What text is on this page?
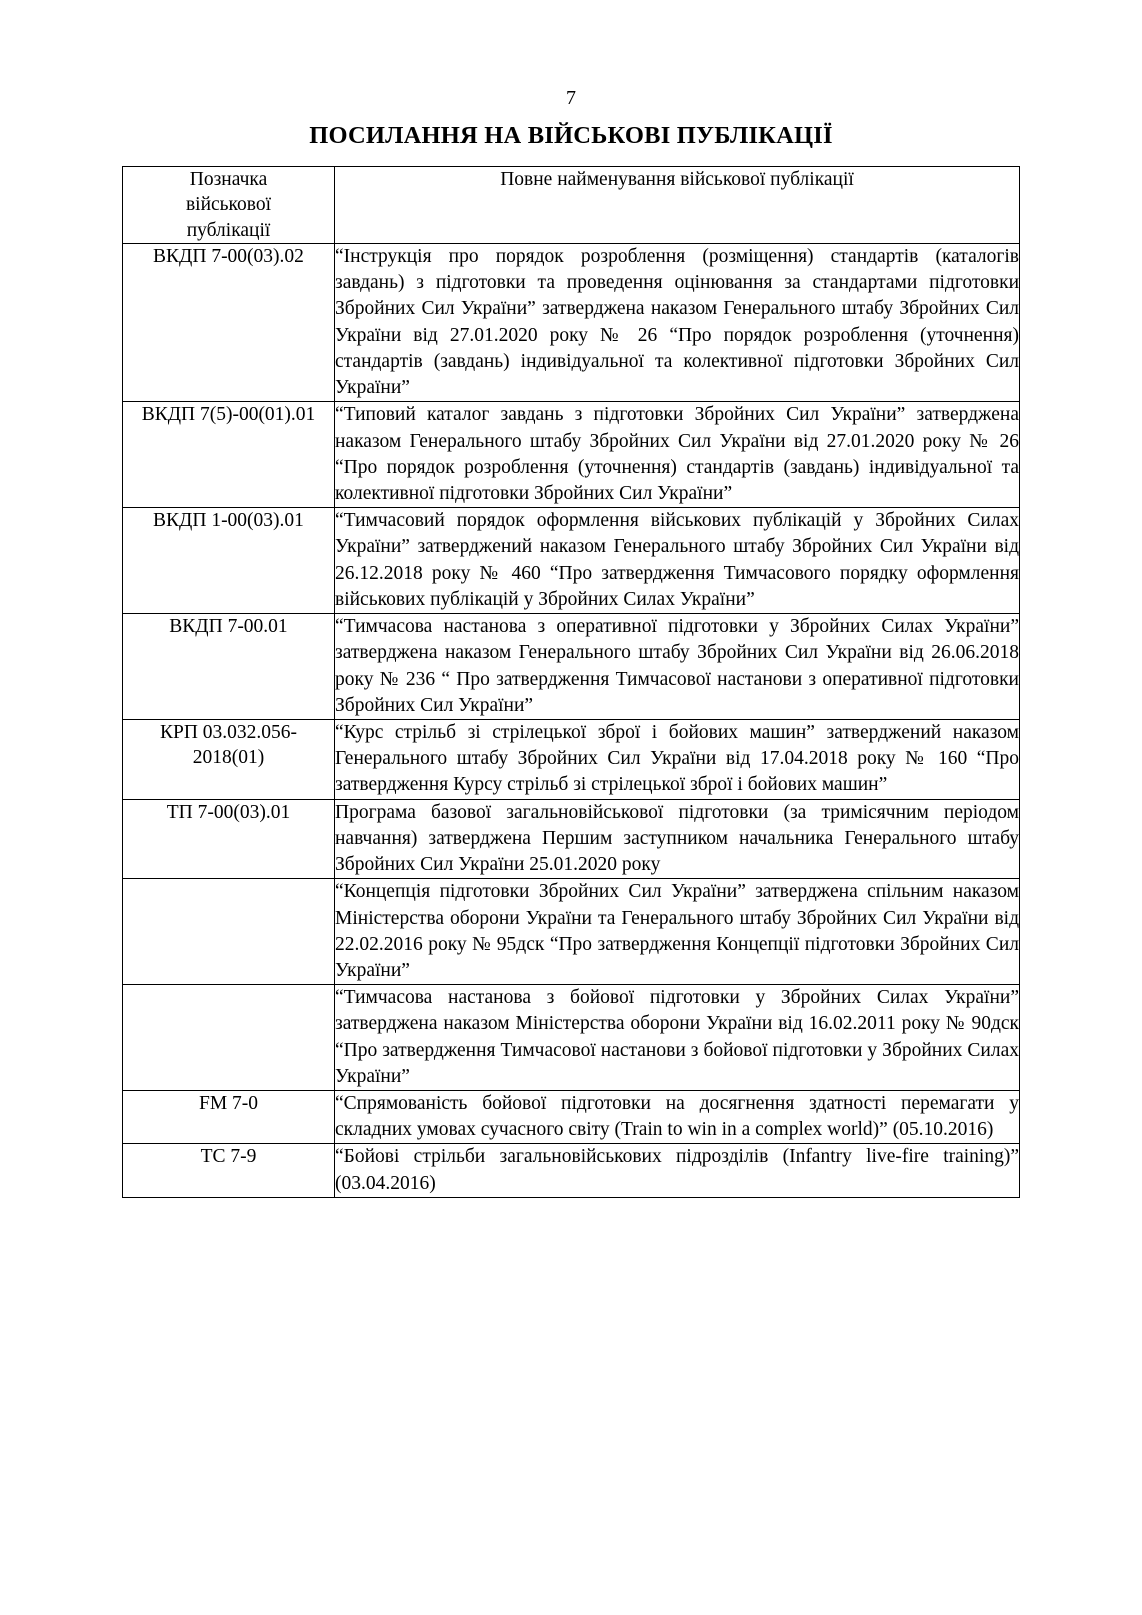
7
ПОСИЛАННЯ НА ВІЙСЬКОВІ ПУБЛІКАЦІЇ
Позначка
військової
публікації	Повне найменування військової публікації
ВКДП 7-00(03).02	“Інструкція про порядок розроблення (розміщення) стандартів (каталогів завдань) з підготовки та проведення оцінювання за стандартами підготовки Збройних Сил України” затверджена наказом Генерального штабу Збройних Сил України від 27.01.2020 року № 26 “Про порядок розроблення (уточнення) стандартів (завдань) індивідуальної та колективної підготовки Збройних Сил України”
ВКДП 7(5)-00(01).01	“Типовий каталог завдань з підготовки Збройних Сил України” затверджена наказом Генерального штабу Збройних Сил України від 27.01.2020 року № 26 “Про порядок розроблення (уточнення) стандартів (завдань) індивідуальної та колективної підготовки Збройних Сил України”
ВКДП 1-00(03).01	“Тимчасовий порядок оформлення військових публікацій у Збройних Силах України” затверджений наказом Генерального штабу Збройних Сил України від 26.12.2018 року № 460 “Про затвердження Тимчасового порядку оформлення військових публікацій у Збройних Силах України”
ВКДП 7-00.01	“Тимчасова настанова з оперативної підготовки у Збройних Силах України” затверджена наказом Генерального штабу Збройних Сил України від 26.06.2018 року № 236 “ Про затвердження Тимчасової настанови з оперативної підготовки Збройних Сил України”

КРП 03.032.056-
2018(01)	“Курс стрільб зі стрілецької зброї і бойових машин” затверджений наказом Генерального штабу Збройних Сил України від 17.04.2018 року № 160 “Про затвердження Курсу стрільб зі стрілецької зброї і бойових машин”
ТП 7-00(03).01	Програма базової загальновійськової підготовки (за тримісячним періодом навчання) затверджена Першим заступником начальника Генерального штабу Збройних Сил України 25.01.2020 року
	“Концепція підготовки Збройних Сил України” затверджена спільним наказом Міністерства оборони України та Генерального штабу Збройних Сил України від 22.02.2016 року № 95дск “Про затвердження Концепції підготовки Збройних Сил України”
	“Тимчасова настанова з бойової підготовки у Збройних Силах України” затверджена наказом Міністерства оборони України від 16.02.2011 року № 90дск “Про затвердження Тимчасової настанови з бойової підготовки у Збройних Силах України”
FM 7-0	“Спрямованість бойової підготовки на досягнення здатності перемагати у складних умовах сучасного світу (Train to win in a complex world)” (05.10.2016)
ТС 7-9	“Бойові стрільби загальновійськових підрозділів (Infantry live-fire training)” (03.04.2016)
